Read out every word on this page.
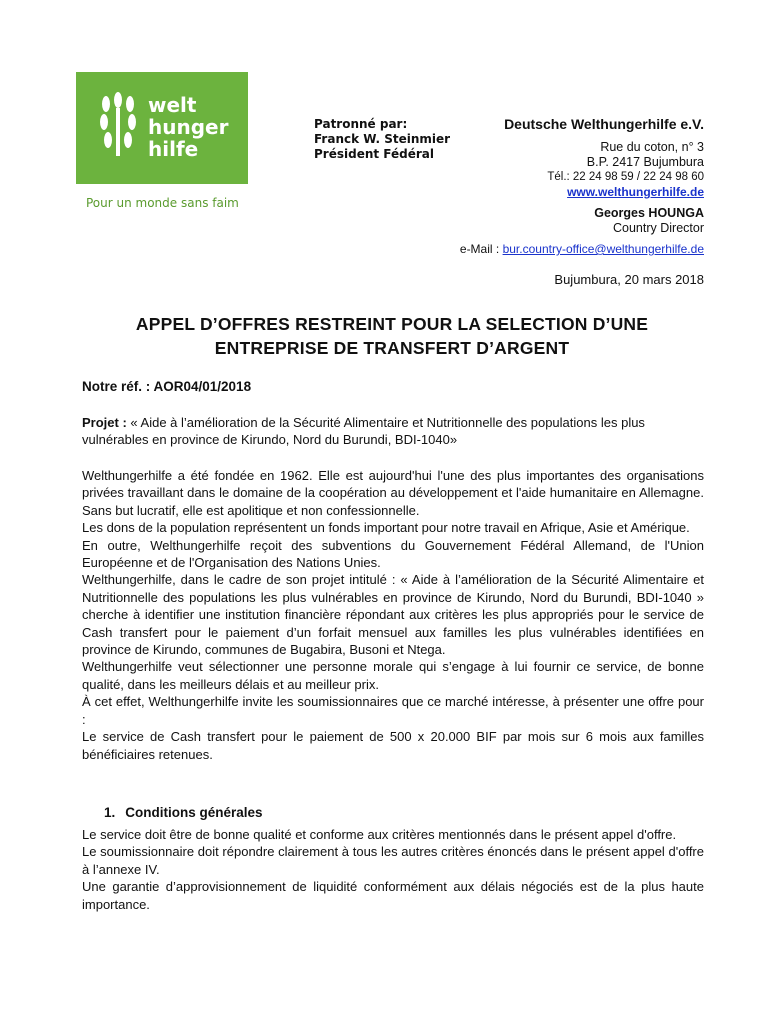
welt
hunger
hilfe
Pour un monde sans faim
Patronné par:
Franck W. Steinmier
Président Fédéral
Deutsche Welthungerhilfe e.V.
Rue du coton, n° 3
B.P. 2417 Bujumbura
Tél.: 22 24 98 59 / 22 24 98 60
www.welthungerhilfe.de
Georges HOUNGA
Country Director
e-Mail : bur.country-office@welthungerhilfe.de
Bujumbura, 20 mars 2018
APPEL D’OFFRES RESTREINT POUR LA SELECTION D’UNE
ENTREPRISE DE TRANSFERT D’ARGENT
Notre réf. : AOR04/01/2018
Projet : « Aide à l’amélioration de la Sécurité Alimentaire et Nutritionnelle des populations les plus vulnérables en province de Kirundo, Nord du Burundi, BDI-1040»

Welthungerhilfe a été fondée en 1962. Elle est aujourd'hui l'une des plus importantes des organisations privées travaillant dans le domaine de la coopération au développement et l'aide humanitaire en Allemagne. Sans but lucratif, elle est apolitique et non confessionnelle.

Les dons de la population représentent un fonds important pour notre travail en Afrique, Asie et Amérique.

En outre, Welthungerhilfe reçoit des subventions du Gouvernement Fédéral Allemand, de l'Union Européenne et de l'Organisation des Nations Unies.

Welthungerhilfe, dans le cadre de son projet intitulé : « Aide à l’amélioration de la Sécurité Alimentaire et Nutritionnelle des populations les plus vulnérables en province de Kirundo, Nord du Burundi, BDI-1040 » cherche à identifier une institution financière répondant aux critères les plus appropriés pour le service de Cash transfert pour le paiement d’un forfait mensuel aux familles les plus vulnérables identifiées en province de Kirundo, communes de Bugabira, Busoni et Ntega.

Welthungerhilfe veut sélectionner une personne morale qui s’engage à lui fournir ce service, de bonne qualité, dans les meilleurs délais et au meilleur prix.

À cet effet, Welthungerhilfe invite les soumissionnaires que ce marché intéresse, à présenter une offre pour :

Le service de Cash transfert pour le paiement de 500 x 20.000 BIF par mois sur 6 mois aux familles bénéficiaires retenues.

1. Conditions générales

Le service doit être de bonne qualité et conforme aux critères mentionnés dans le présent appel d'offre.

Le soumissionnaire doit répondre clairement à tous les autres critères énoncés dans le présent appel d'offre à l’annexe IV.

Une garantie d’approvisionnement de liquidité conformément aux délais négociés est de la plus haute importance.
